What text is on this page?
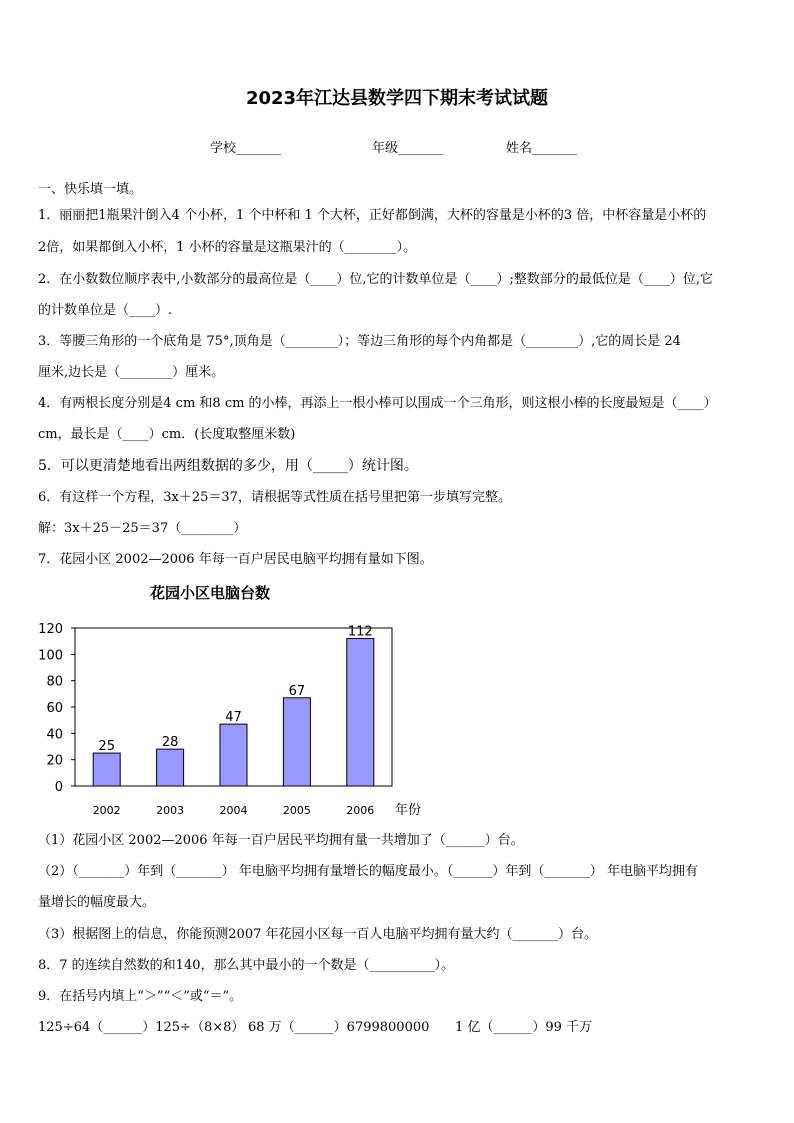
2023年江达县数学四下期末考试试题
学校_______	年级_______	姓名_______
一、快乐填一填。
1．丽丽把1瓶果汁倒入4 个小杯，1 个中杯和 1 个大杯，正好都倒满，大杯的容量是小杯的3 倍，中杯容量是小杯的
2倍，如果都倒入小杯，1 小杯的容量是这瓶果汁的（________）。
2．在小数数位顺序表中,小数部分的最高位是（____）位,它的计数单位是（____）;整数部分的最低位是（____）位,它
的计数单位是（____）.
3．等腰三角形的一个底角是 75°,顶角是（________）；等边三角形的每个内角都是（________）,它的周长是 24
厘米,边长是（________）厘米。
4．有两根长度分别是4 cm 和8 cm 的小棒，再添上一根小棒可以围成一个三角形，则这根小棒的长度最短是（____）
cm，最长是（____）cm．(长度取整厘米数)
5．可以更清楚地看出两组数据的多少，用（_____）统计图。
6．有这样一个方程，3x＋25＝37，请根据等式性质在括号里把第一步填写完整。
解：3x＋25－25＝37（________）
7．花园小区 2002—2006 年每一百户居民电脑平均拥有量如下图。
花园小区电脑台数
0
20
40
60
80
100
120
25
2002
28
2003
47
2004
67
2005
112
2006 年份
（1）花园小区 2002—2006 年每一百户居民平均拥有量一共增加了（______）台。
（2）（_______）年到（_______） 年电脑平均拥有量增长的幅度最小。（______）年到（_______） 年电脑平均拥有
量增长的幅度最大。
（3）根据图上的信息，你能预测2007 年花园小区每一百人电脑平均拥有量大约（_______）台。
8．7 的连续自然数的和140，那么其中最小的一个数是（__________）。
9．在括号内填上“＞”“＜”或“＝”。
125÷64（______）125÷（8×8） 68 万（______）6799800000 1 亿（______）99 千万
